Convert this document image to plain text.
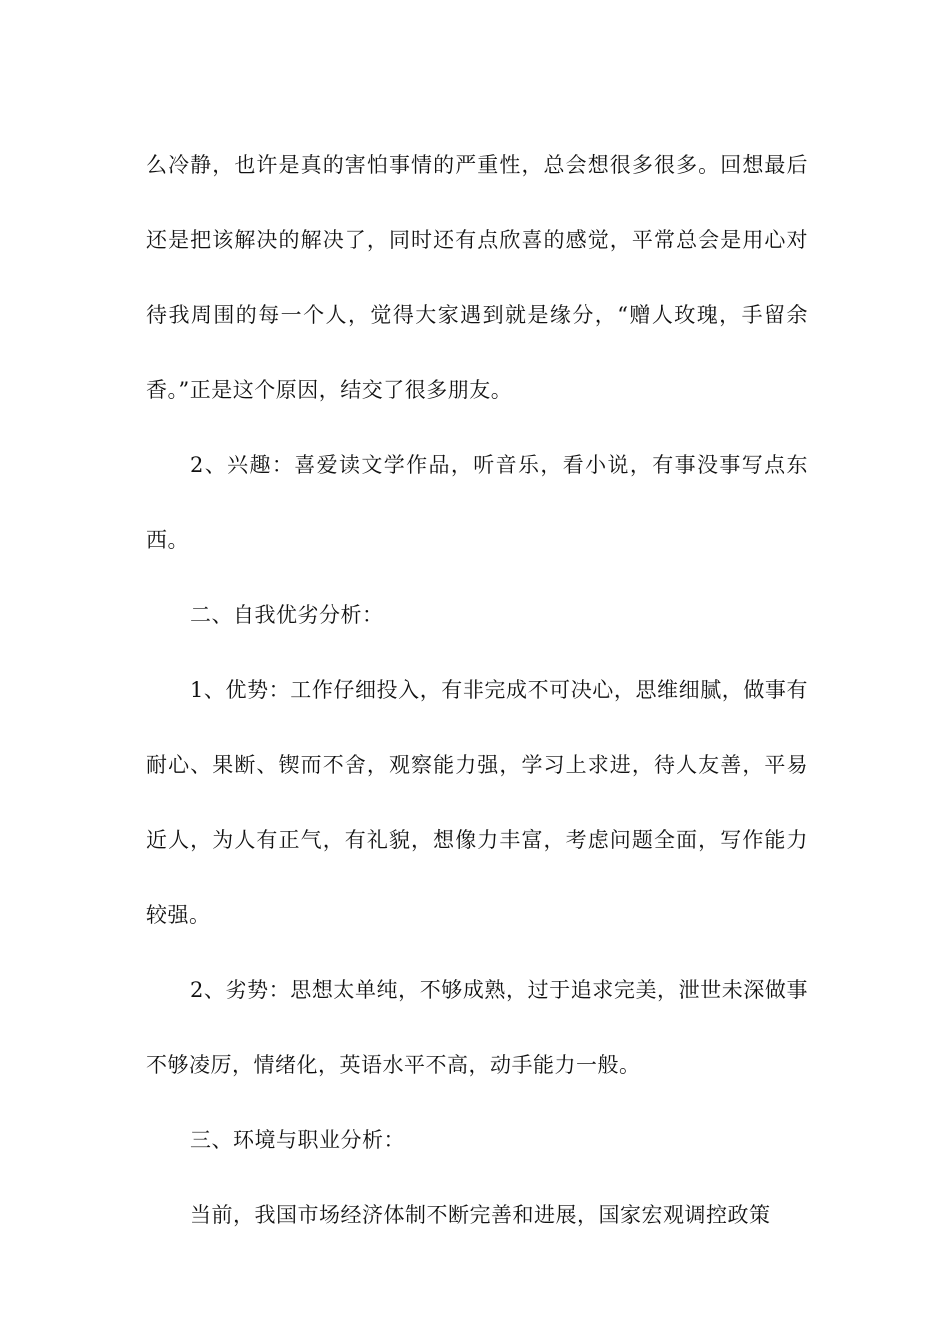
么冷静，也许是真的害怕事情的严重性，总会想很多很多。回想最后还是把该解决的解决了，同时还有点欣喜的感觉，平常总会是用心对待我周围的每一个人，觉得大家遇到就是缘分，“赠人玫瑰，手留余香。”正是这个原因，结交了很多朋友。

2、兴趣：喜爱读文学作品，听音乐，看小说，有事没事写点东西。

二、自我优劣分析：

1、优势：工作仔细投入，有非完成不可决心，思维细腻，做事有耐心、果断、锲而不舍，观察能力强，学习上求进，待人友善，平易近人，为人有正气，有礼貌，想像力丰富，考虑问题全面，写作能力较强。

2、劣势：思想太单纯，不够成熟，过于追求完美，泄世未深做事不够凌厉，情绪化，英语水平不高，动手能力一般。

三、环境与职业分析：

当前，我国市场经济体制不断完善和进展，国家宏观调控政策
